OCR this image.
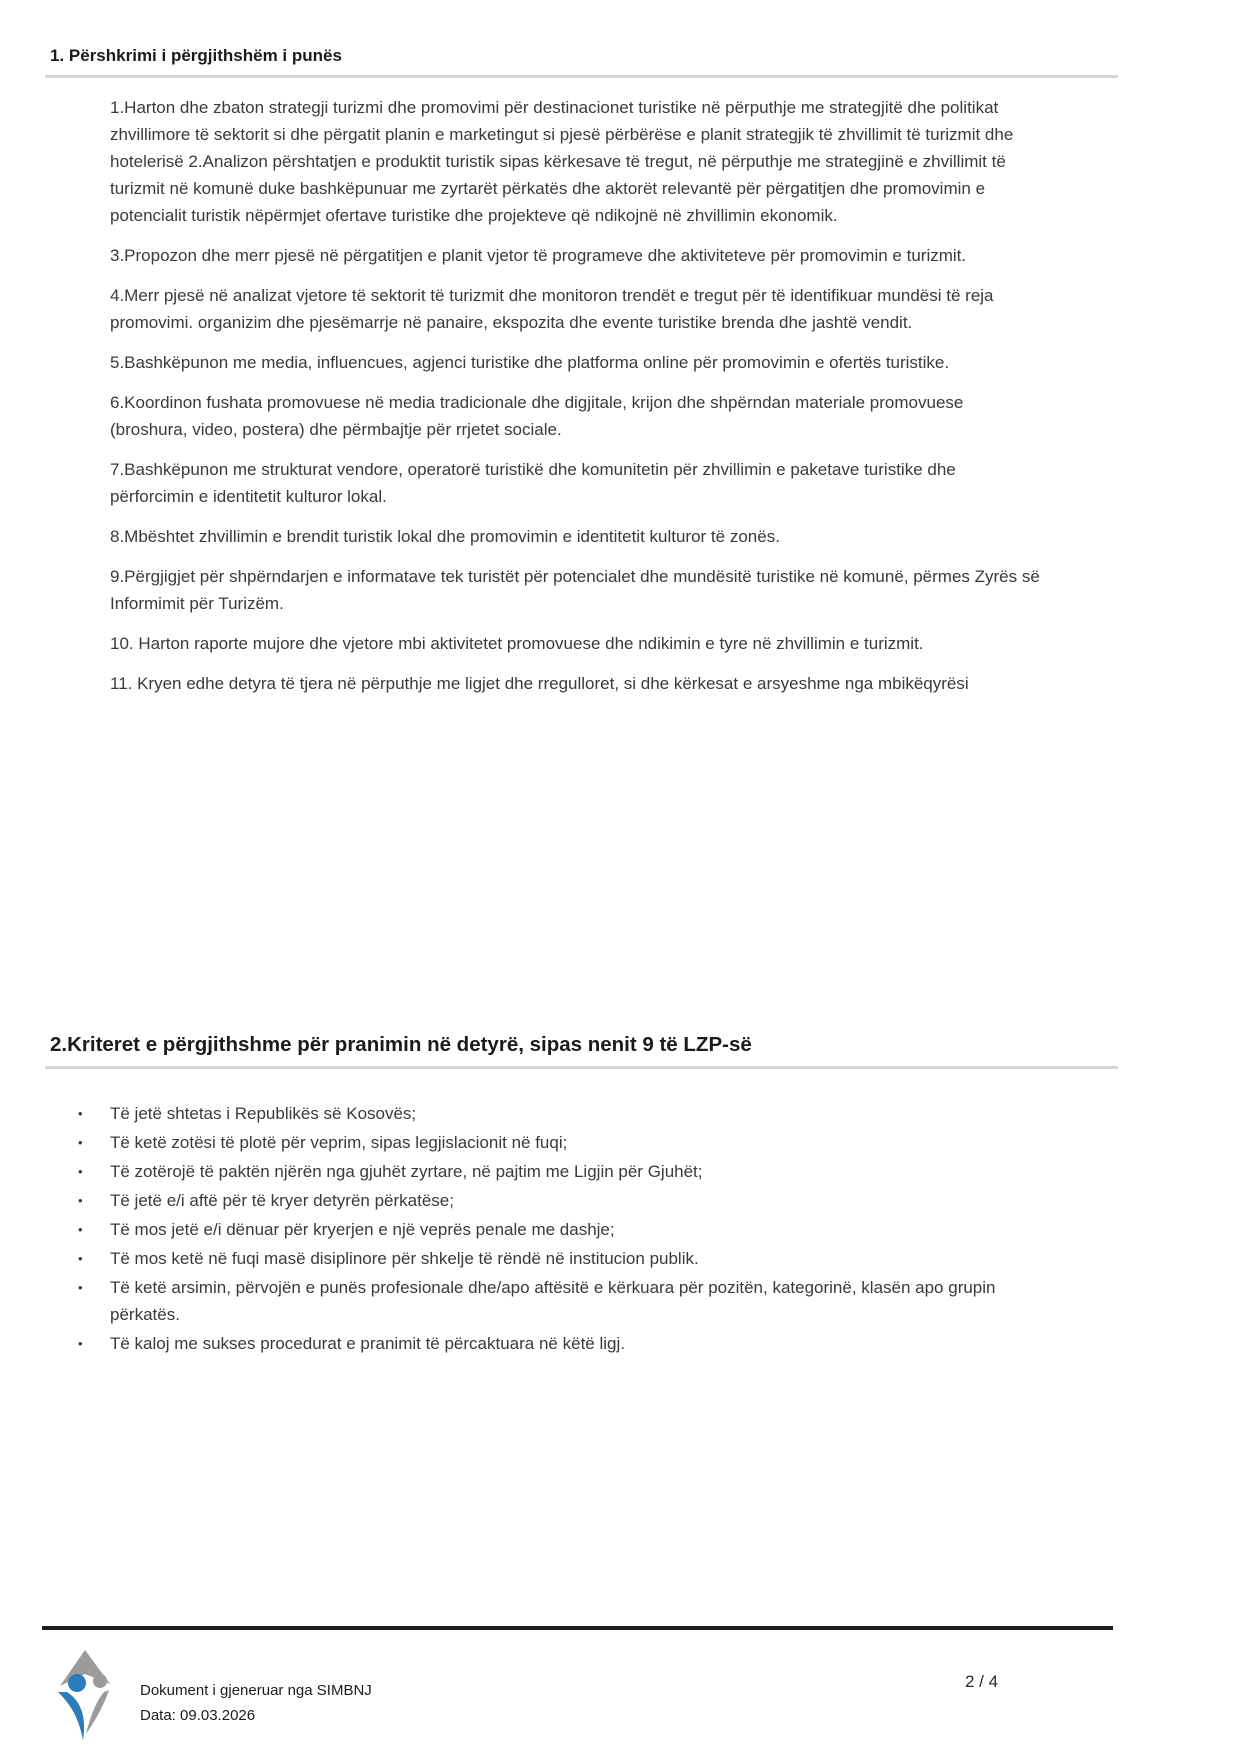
1. Përshkrimi i përgjithshëm i punës

1.Harton dhe zbaton strategji turizmi dhe promovimi për destinacionet turistike në përputhje me strategjitë dhe politikat zhvillimore të sektorit si dhe përgatit planin e marketingut si pjesë përbërëse e planit strategjik të zhvillimit të turizmit dhe hotelerisë 2.Analizon përshtatjen e produktit turistik sipas kërkesave të tregut, në përputhje me strategjinë e zhvillimit të turizmit në komunë duke bashkëpunuar me zyrtarët përkatës dhe aktorët relevantë për përgatitjen dhe promovimin e potencialit turistik nëpërmjet ofertave turistike dhe projekteve që ndikojnë në zhvillimin ekonomik.

3.Propozon dhe merr pjesë në përgatitjen e planit vjetor të programeve dhe aktiviteteve për promovimin e turizmit.

4.Merr pjesë në analizat vjetore të sektorit të turizmit dhe monitoron trendët e tregut për të identifikuar mundësi të reja promovimi. organizim dhe pjesëmarrje në panaire, ekspozita dhe evente turistike brenda dhe jashtë vendit.

5.Bashkëpunon me media, influencues, agjenci turistike dhe platforma online për promovimin e ofertës turistike.

6.Koordinon fushata promovuese në media tradicionale dhe digjitale, krijon dhe shpërndan materiale promovuese (broshura, video, postera) dhe përmbajtje për rrjetet sociale.

7.Bashkëpunon me strukturat vendore, operatorë turistikë dhe komunitetin për zhvillimin e paketave turistike dhe përforcimin e identitetit kulturor lokal.

8.Mbështet zhvillimin e brendit turistik lokal dhe promovimin e identitetit kulturor të zonës.

9.Përgjigjet për shpërndarjen e informatave tek turistët për potencialet dhe mundësitë turistike në komunë, përmes Zyrës së Informimit për Turizëm.

10. Harton raporte mujore dhe vjetore mbi aktivitetet promovuese dhe ndikimin e tyre në zhvillimin e turizmit.

11. Kryen edhe detyra të tjera në përputhje me ligjet dhe rregulloret, si dhe kërkesat e arsyeshme nga mbikëqyrësi

2.Kriteret e përgjithshme për pranimin në detyrë, sipas nenit 9 të LZP-së
• Të jetë shtetas i Republikës së Kosovës;
• Të ketë zotësi të plotë për veprim, sipas legjislacionit në fuqi;
• Të zotërojë të paktën njërën nga gjuhët zyrtare, në pajtim me Ligjin për Gjuhët;
• Të jetë e/i aftë për të kryer detyrën përkatëse;
• Të mos jetë e/i dënuar për kryerjen e një veprës penale me dashje;
• Të mos ketë në fuqi masë disiplinore për shkelje të rëndë në institucion publik.
• Të ketë arsimin, përvojën e punës profesionale dhe/apo aftësitë e kërkuara për pozitën, kategorinë, klasën apo grupin përkatës.
• Të kaloj me sukses procedurat e pranimit të përcaktuara në këtë ligj.
Dokument i gjeneruar nga SIMBNJ
Data: 09.03.2026
2 / 4
